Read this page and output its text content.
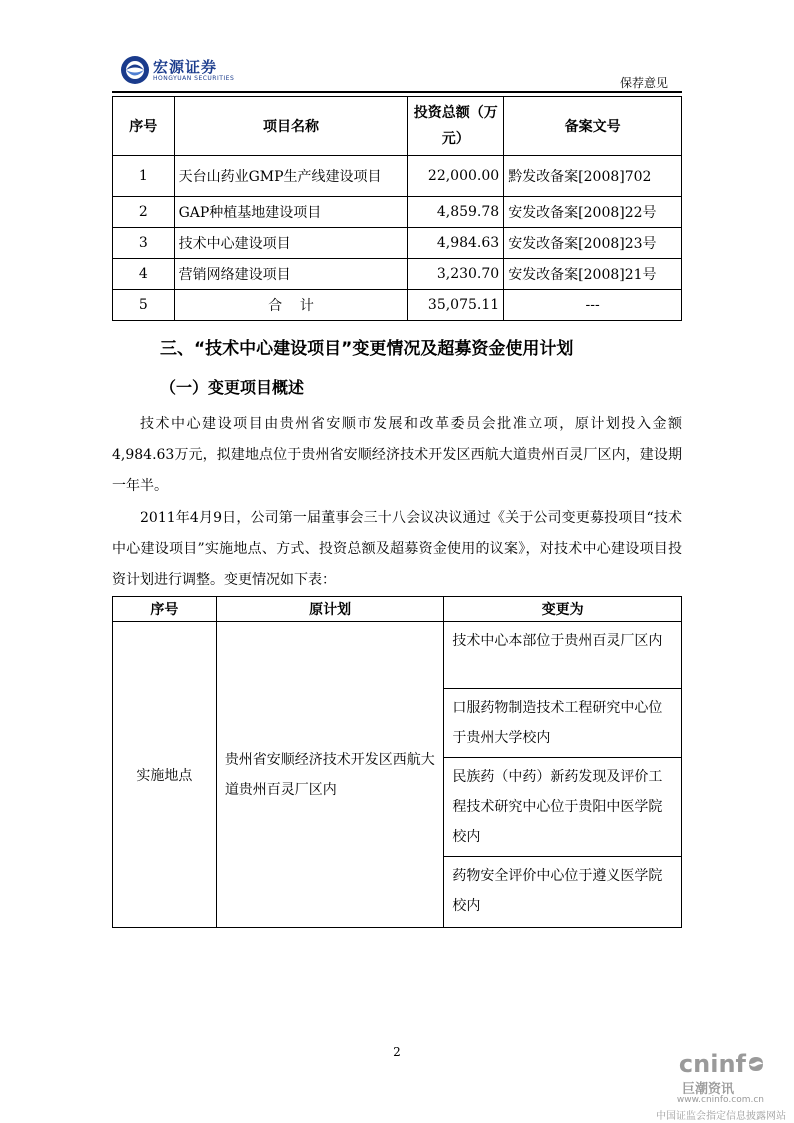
宏源证券
HONGYUAN SECURITIES	保荐意见
序号	项目名称	投资总额（万元）	备案文号
1	天台山药业GMP生产线建设项目	22,000.00	黔发改备案[2008]702
2	GAP种植基地建设项目	4,859.78	安发改备案[2008]22号
3	技术中心建设项目	4,984.63	安发改备案[2008]23号
4	营销网络建设项目	3,230.70	安发改备案[2008]21号
5	合    计	35,075.11	---
三、“技术中心建设项目”变更情况及超募资金使用计划
（一）变更项目概述

技术中心建设项目由贵州省安顺市发展和改革委员会批准立项，原计划投入金额4,984.63万元，拟建地点位于贵州省安顺经济技术开发区西航大道贵州百灵厂区内，建设期一年半。

2011年4月9日，公司第一届董事会三十八会议决议通过《关于公司变更募投项目“技术中心建设项目”实施地点、方式、投资总额及超募资金使用的议案》，对技术中心建设项目投资计划进行调整。变更情况如下表：

序号	原计划	变更为
实施地点	贵州省安顺经济技术开发区西航大道贵州百灵厂区内	技术中心本部位于贵州百灵厂区内
		口服药物制造技术工程研究中心位于贵州大学校内
		民族药（中药）新药发现及评价工程技术研究中心位于贵阳中医学院校内
		药物安全评价中心位于遵义医学院校内
2	cninf
巨潮资讯
www.cninfo.com.cn
中国证监会指定信息披露网站
